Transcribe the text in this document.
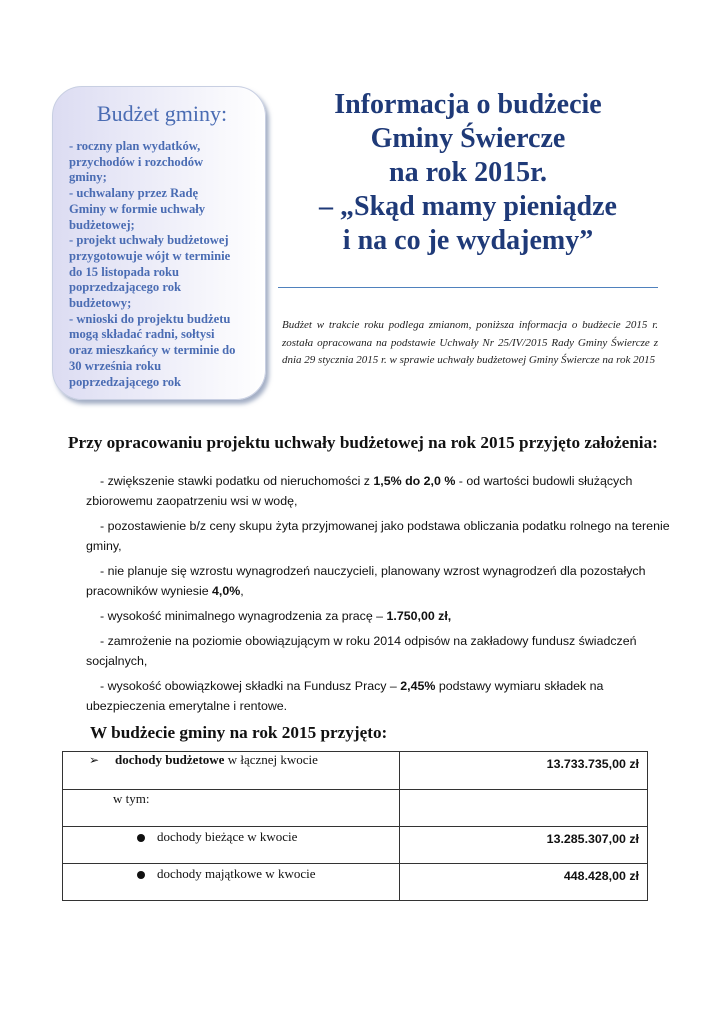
Budżet gminy:
- roczny plan wydatków,
przychodów i rozchodów
gminy;
- uchwalany przez Radę
Gminy w formie uchwały
budżetowej;
- projekt uchwały budżetowej
przygotowuje wójt w terminie
do 15 listopada roku
poprzedzającego rok
budżetowy;
- wnioski do projektu budżetu
mogą składać radni, sołtysi
oraz mieszkańcy w terminie do
30 września roku
poprzedzającego rok
Informacja o budżecie
Gminy Świercze
na rok 2015r.
– „Skąd mamy pieniądze
i na co je wydajemy”
Budżet w trakcie roku podlega zmianom, poniższa informacja o budżecie 2015 r. została opracowana na podstawie Uchwały Nr 25/IV/2015 Rady Gminy Świercze z dnia 29 stycznia 2015 r. w sprawie uchwały budżetowej Gminy Świercze na rok 2015
Przy opracowaniu projektu uchwały budżetowej na rok 2015 przyjęto założenia:
- zwiększenie stawki podatku od nieruchomości z 1,5% do 2,0 % - od wartości budowli służących zbiorowemu zaopatrzeniu wsi w wodę,
- pozostawienie b/z ceny skupu żyta przyjmowanej jako podstawa obliczania podatku rolnego na terenie gminy,
- nie planuje się wzrostu wynagrodzeń nauczycieli, planowany wzrost wynagrodzeń dla pozostałych pracowników wyniesie 4,0%,
- wysokość minimalnego wynagrodzenia za pracę – 1.750,00 zł,
- zamrożenie na poziomie obowiązującym w roku 2014 odpisów na zakładowy fundusz świadczeń socjalnych,
- wysokość obowiązkowej składki na Fundusz Pracy – 2,45% podstawy wymiaru składek na ubezpieczenia emerytalne i rentowe.
W budżecie gminy na rok 2015 przyjęto:
➢ dochody budżetowe w łącznej kwocie	13.733.735,00 zł
w tym:	
dochody bieżące w kwocie	13.285.307,00 zł
dochody majątkowe w kwocie	448.428,00 zł
